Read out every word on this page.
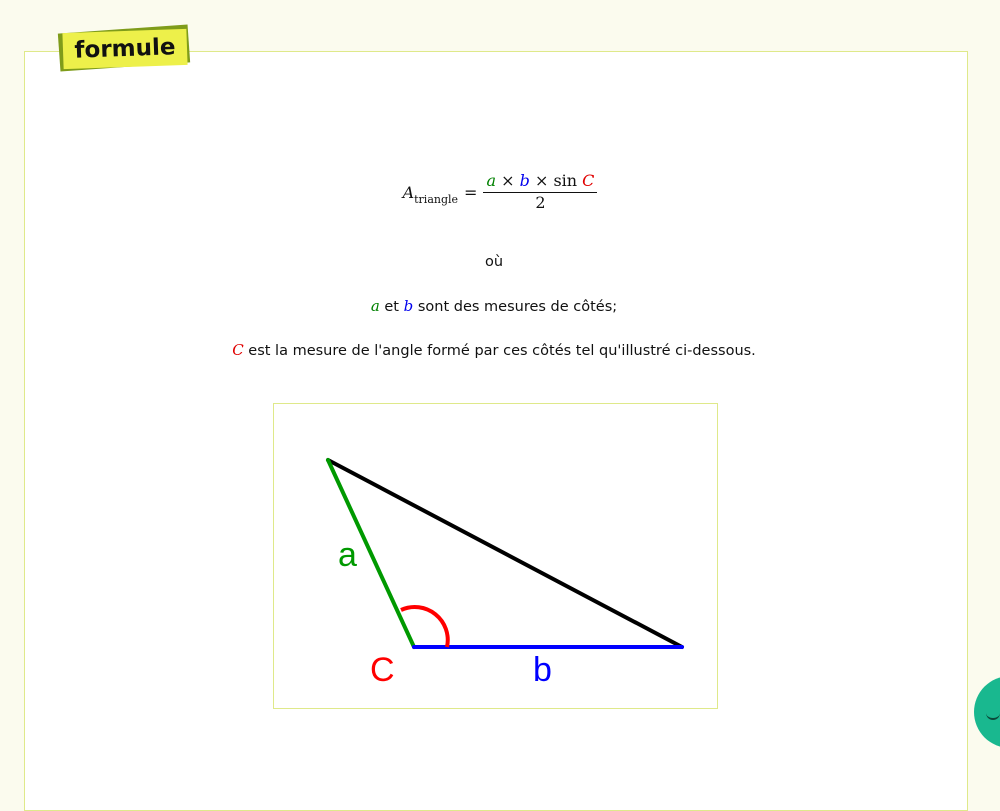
formule
$A_{triangle} = \frac{\text{a × b × sin C}}{2}$
où
a et b sont des mesures de côtés;
C est la mesure de l'angle formé par ces côtés tel qu'illustré ci-dessous.
a
b
C
